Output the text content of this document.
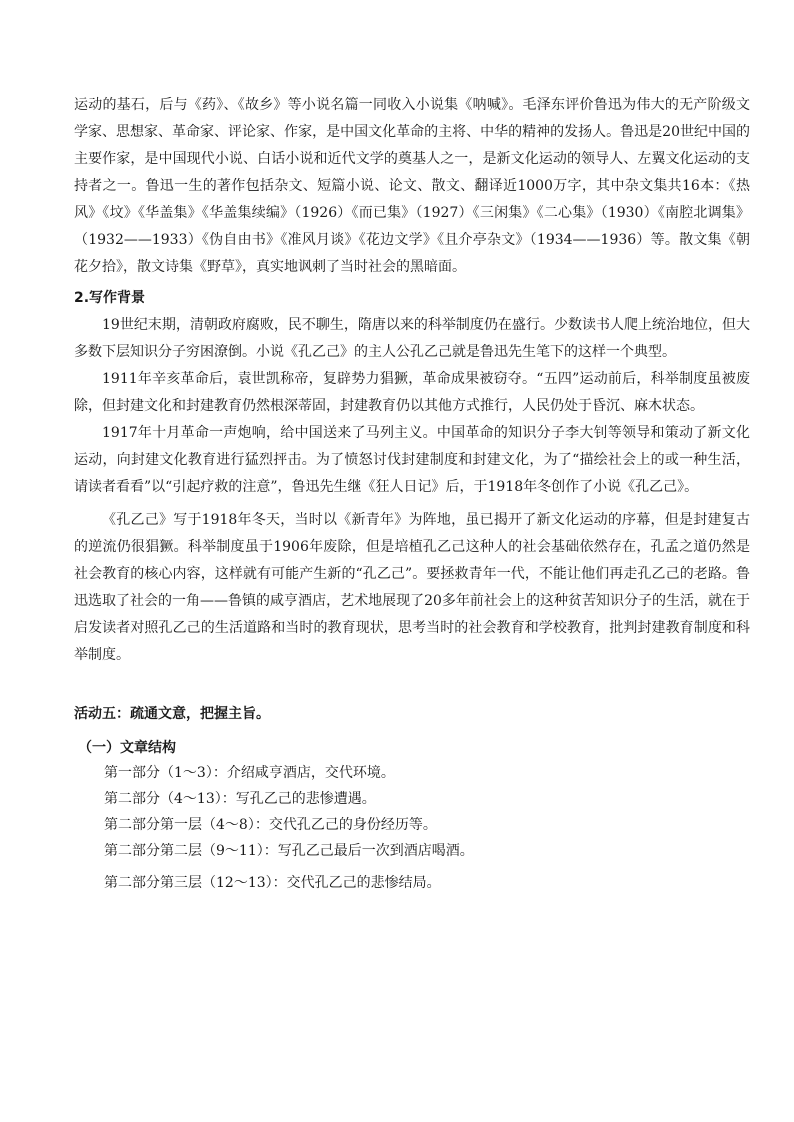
运动的基石，后与《药》、《故乡》等小说名篇一同收入小说集《呐喊》。毛泽东评价鲁迅为伟大的无产阶级文学家、思想家、革命家、评论家、作家，是中国文化革命的主将、中华的精神的发扬人。鲁迅是20世纪中国的主要作家，是中国现代小说、白话小说和近代文学的奠基人之一，是新文化运动的领导人、左翼文化运动的支持者之一。鲁迅一生的著作包括杂文、短篇小说、论文、散文、翻译近1000万字，其中杂文集共16本：《热风》《坟》《华盖集》《华盖集续编》（1926）《而已集》（1927）《三闲集》《二心集》（1930）《南腔北调集》（1932——1933）《伪自由书》《准风月谈》《花边文学》《且介亭杂文》（1934——1936）等。散文集《朝花夕拾》，散文诗集《野草》，真实地讽刺了当时社会的黑暗面。

2.写作背景

19世纪末期，清朝政府腐败，民不聊生，隋唐以来的科举制度仍在盛行。少数读书人爬上统治地位，但大多数下层知识分子穷困潦倒。小说《孔乙己》的主人公孔乙己就是鲁迅先生笔下的这样一个典型。

1911年辛亥革命后，袁世凯称帝，复辟势力猖獗，革命成果被窃夺。“五四”运动前后，科举制度虽被废除，但封建文化和封建教育仍然根深蒂固，封建教育仍以其他方式推行，人民仍处于昏沉、麻木状态。

1917年十月革命一声炮响，给中国送来了马列主义。中国革命的知识分子李大钊等领导和策动了新文化运动，向封建文化教育进行猛烈抨击。为了愤怒讨伐封建制度和封建文化，为了“描绘社会上的或一种生活，请读者看看”以“引起疗救的注意”，鲁迅先生继《狂人日记》后，于1918年冬创作了小说《孔乙己》。

《孔乙己》写于1918年冬天，当时以《新青年》为阵地，虽已揭开了新文化运动的序幕，但是封建复古的逆流仍很猖獗。科举制度虽于1906年废除，但是培植孔乙己这种人的社会基础依然存在，孔孟之道仍然是社会教育的核心内容，这样就有可能产生新的“孔乙己”。要拯救青年一代，不能让他们再走孔乙己的老路。鲁迅选取了社会的一角——鲁镇的咸亨酒店，艺术地展现了20多年前社会上的这种贫苦知识分子的生活，就在于启发读者对照孔乙己的生活道路和当时的教育现状，思考当时的社会教育和学校教育，批判封建教育制度和科举制度。

活动五：疏通文意，把握主旨。

（一）文章结构

第一部分（1～3）：介绍咸亨酒店，交代环境。

第二部分（4～13）：写孔乙己的悲惨遭遇。

第二部分第一层（4～8）：交代孔乙己的身份经历等。

第二部分第二层（9～11）：写孔乙己最后一次到酒店喝酒。

第二部分第三层（12～13）：交代孔乙己的悲惨结局。
